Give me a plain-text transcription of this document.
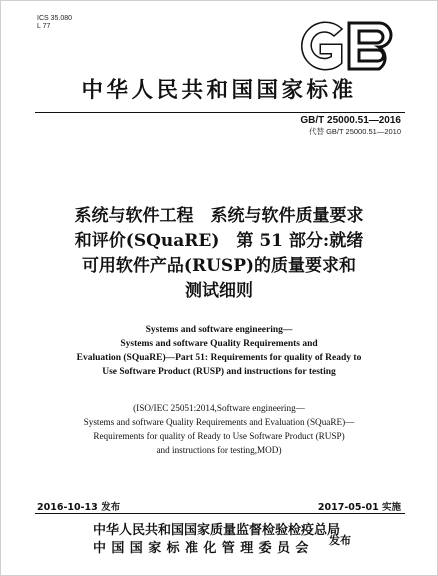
ICS 35.080
L 77
中华人民共和国国家标准
GB/T 25000.51—2016
代替 GB/T 25000.51—2010
系统与软件工程　系统与软件质量要求
和评价(SQuaRE)　第 51 部分:就绪
可用软件产品(RUSP)的质量要求和
测试细则
Systems and software engineering—
Systems and software Quality Requirements and
Evaluation (SQuaRE)—Part 51: Requirements for quality of Ready to
Use Software Product (RUSP) and instructions for testing
(ISO/IEC 25051:2014,Software engineering—
Systems and software Quality Requirements and Evaluation (SQuaRE)—
Requirements for quality of Ready to Use Software Product (RUSP)
and instructions for testing,MOD)
2016-10-13 发布	2017-05-01 实施
中华人民共和国国家质量监督检验检疫总局
中国国家标准化管理委员会
发布
